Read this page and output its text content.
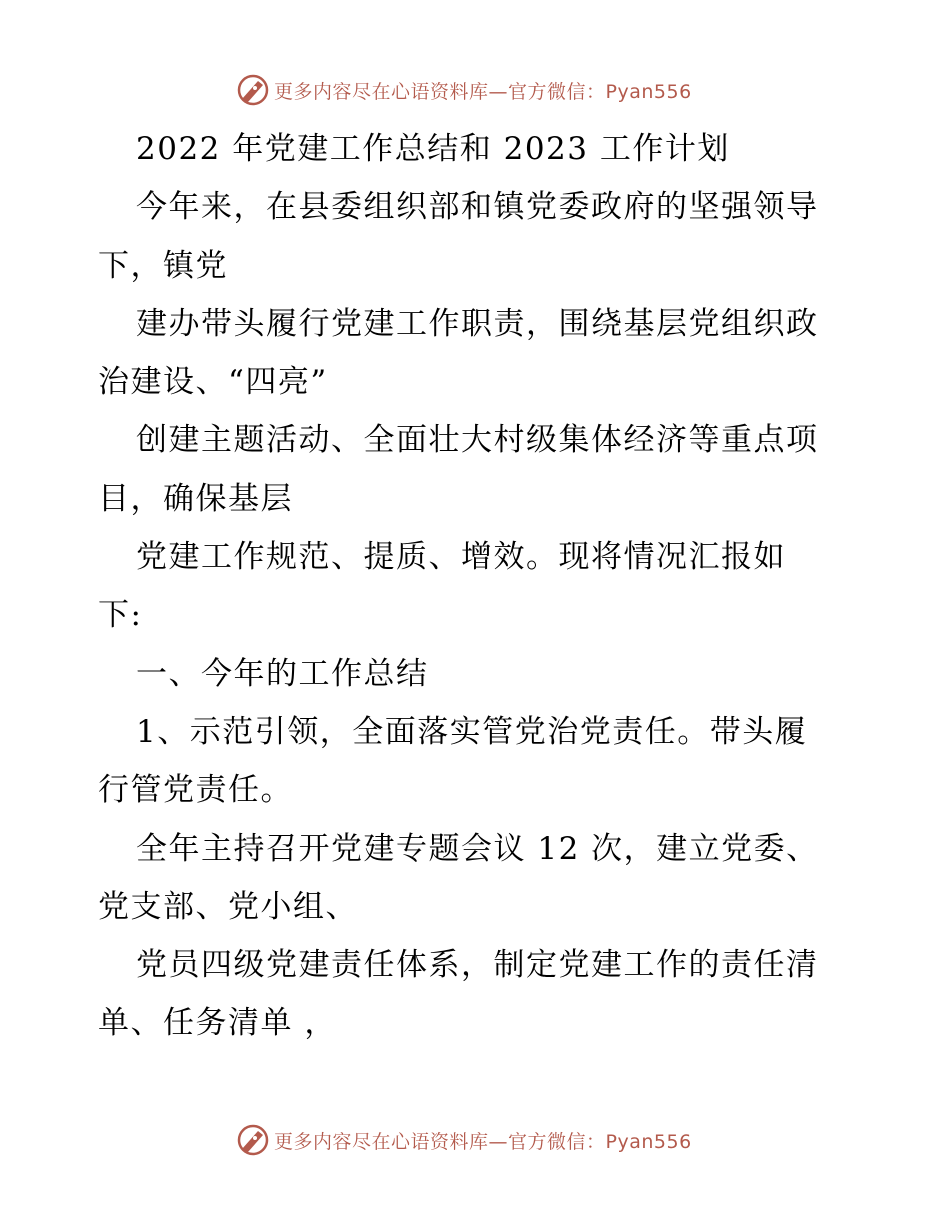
更多内容尽在心语资料库—官方微信：Pyan556
2022 年党建工作总结和 2023 工作计划
今年来，在县委组织部和镇党委政府的坚强领导
下，镇党
建办带头履行党建工作职责，围绕基层党组织政
治建设、“四亮”
创建主题活动、全面壮大村级集体经济等重点项
目，确保基层
党建工作规范、提质、增效。现将情况汇报如
下:
一、今年的工作总结
1、示范引领，全面落实管党治党责任。带头履
行管党责任。
全年主持召开党建专题会议 12 次，建立党委、
党支部、党小组、
党员四级党建责任体系，制定党建工作的责任清
单、任务清单 ，
更多内容尽在心语资料库—官方微信：Pyan556
